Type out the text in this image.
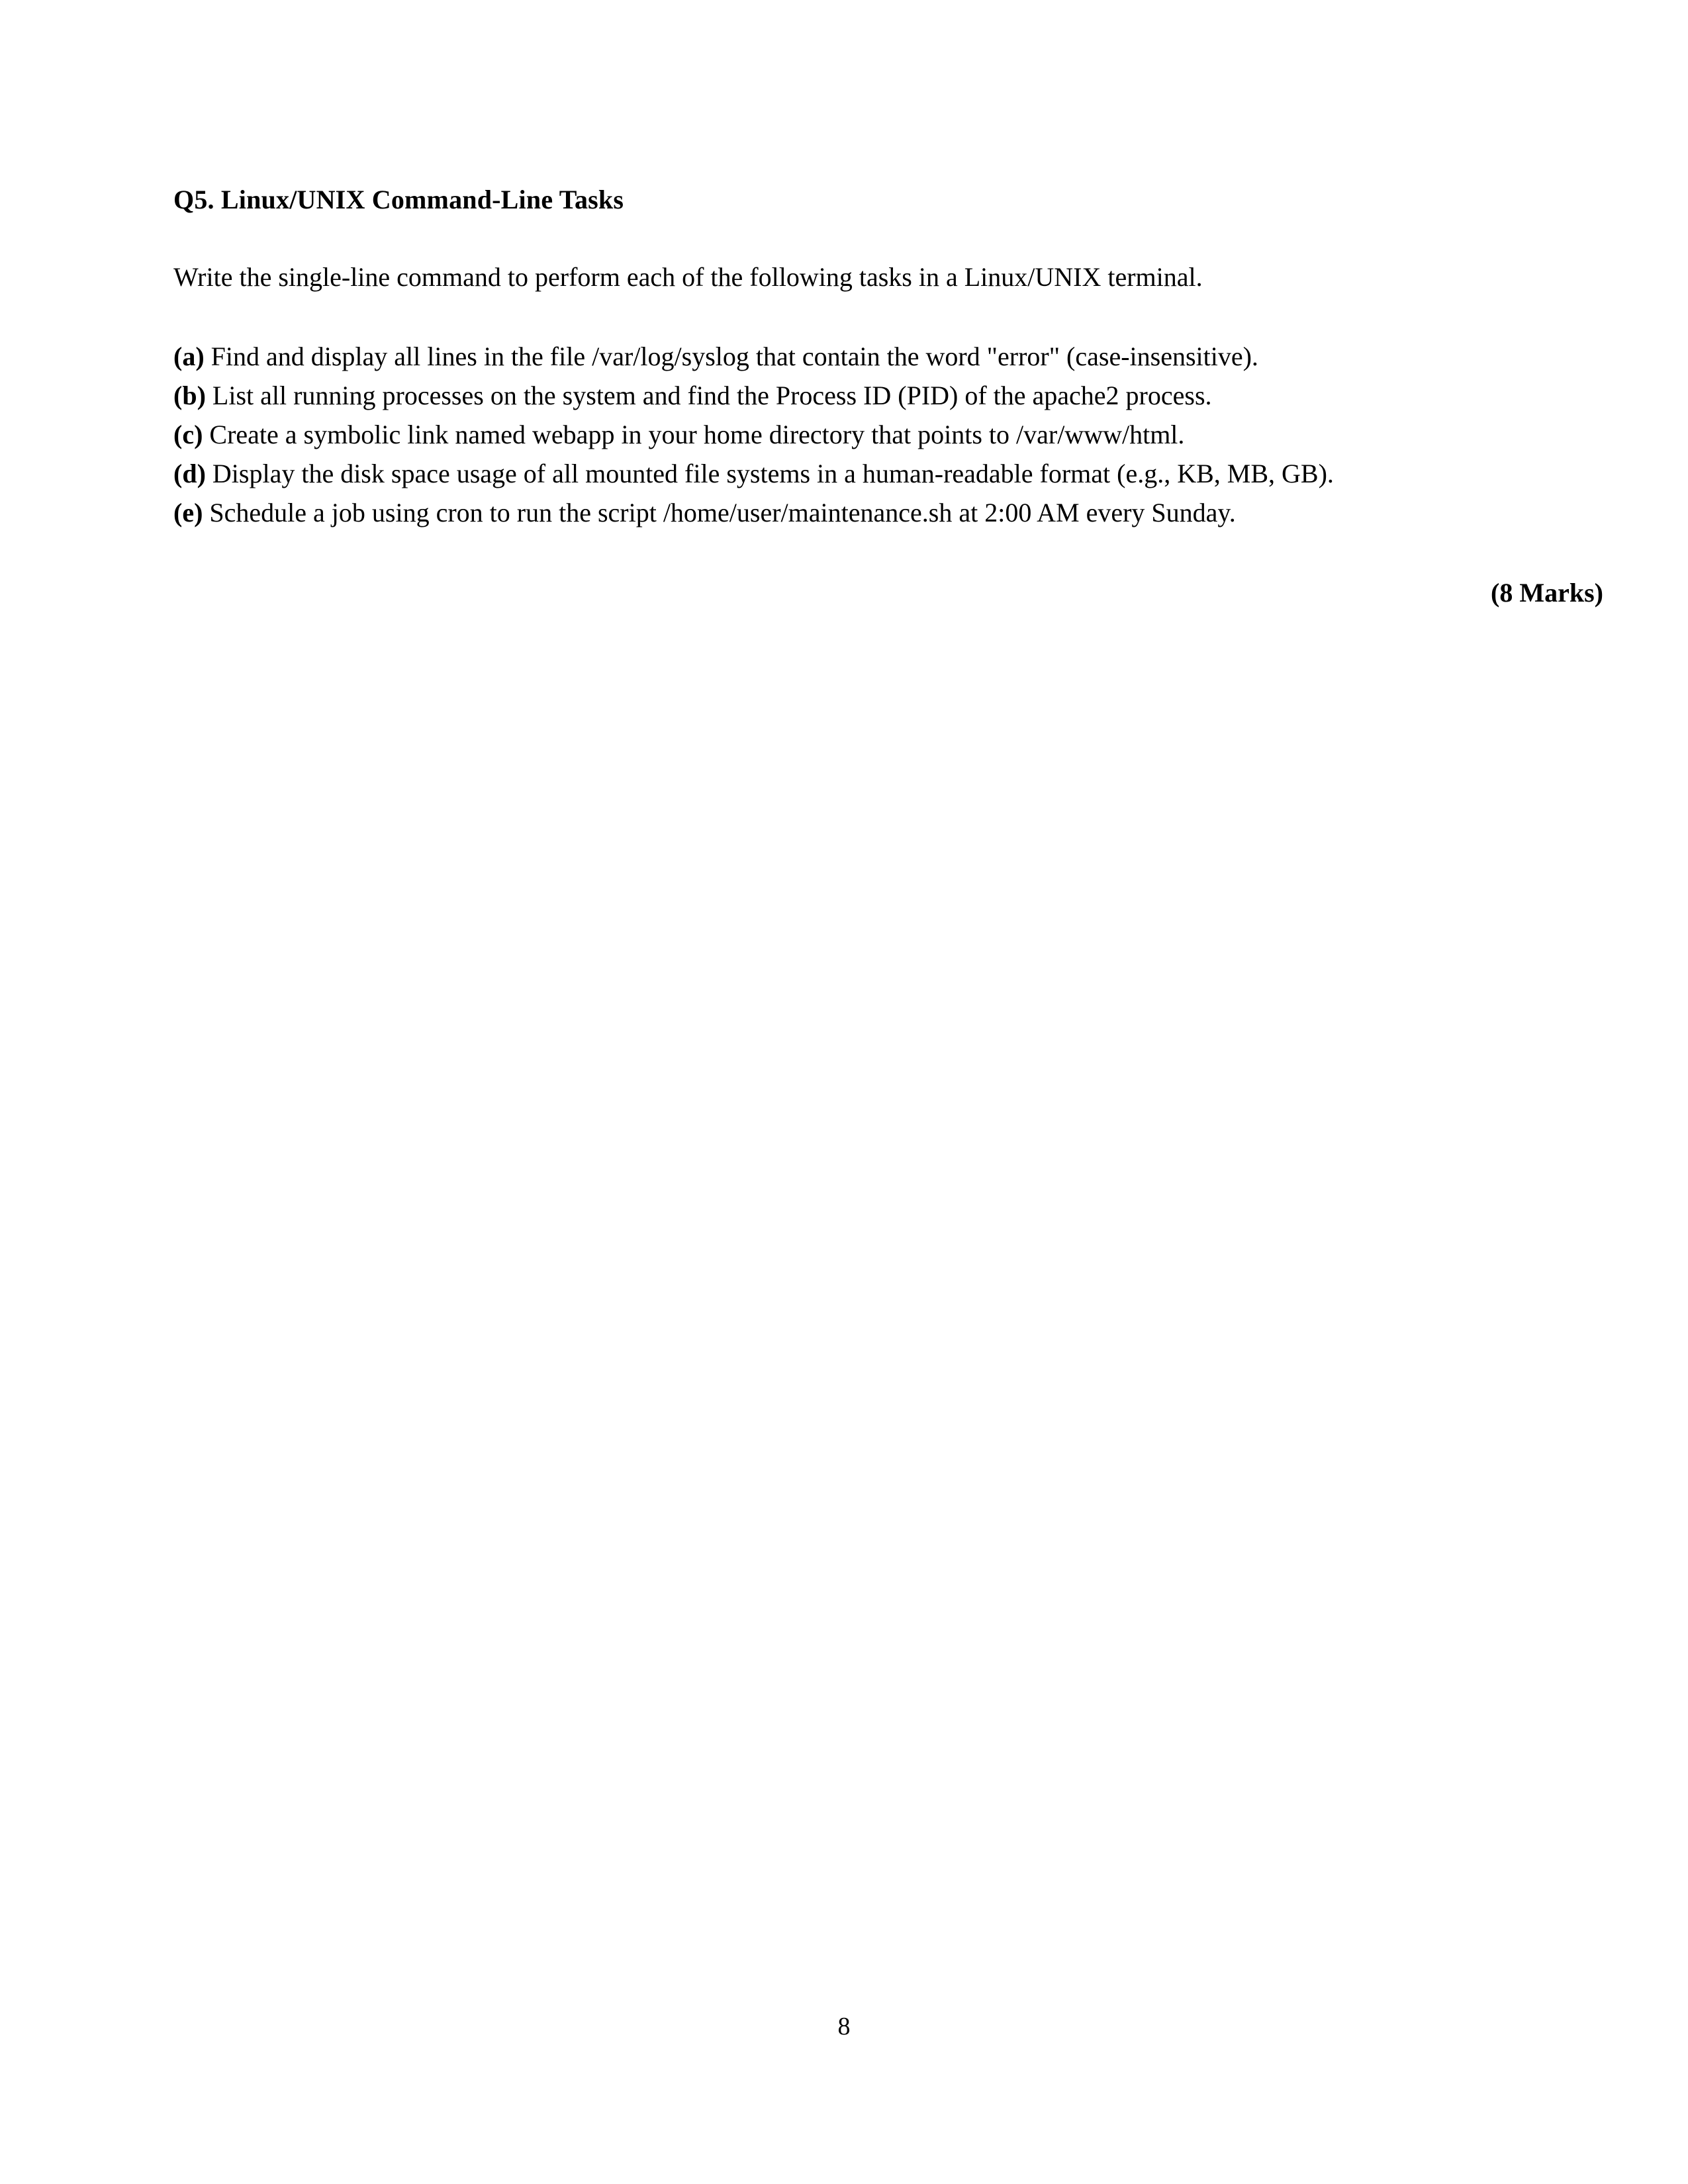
Q5. Linux/UNIX Command-Line Tasks

Write the single-line command to perform each of the following tasks in a Linux/UNIX terminal.

(a) Find and display all lines in the file /var/log/syslog that contain the word "error" (case-insensitive).

(b) List all running processes on the system and find the Process ID (PID) of the apache2 process.

(c) Create a symbolic link named webapp in your home directory that points to /var/www/html.

(d) Display the disk space usage of all mounted file systems in a human-readable format (e.g., KB, MB, GB).

(e) Schedule a job using cron to run the script /home/user/maintenance.sh at 2:00 AM every Sunday.

(8 Marks)
8
